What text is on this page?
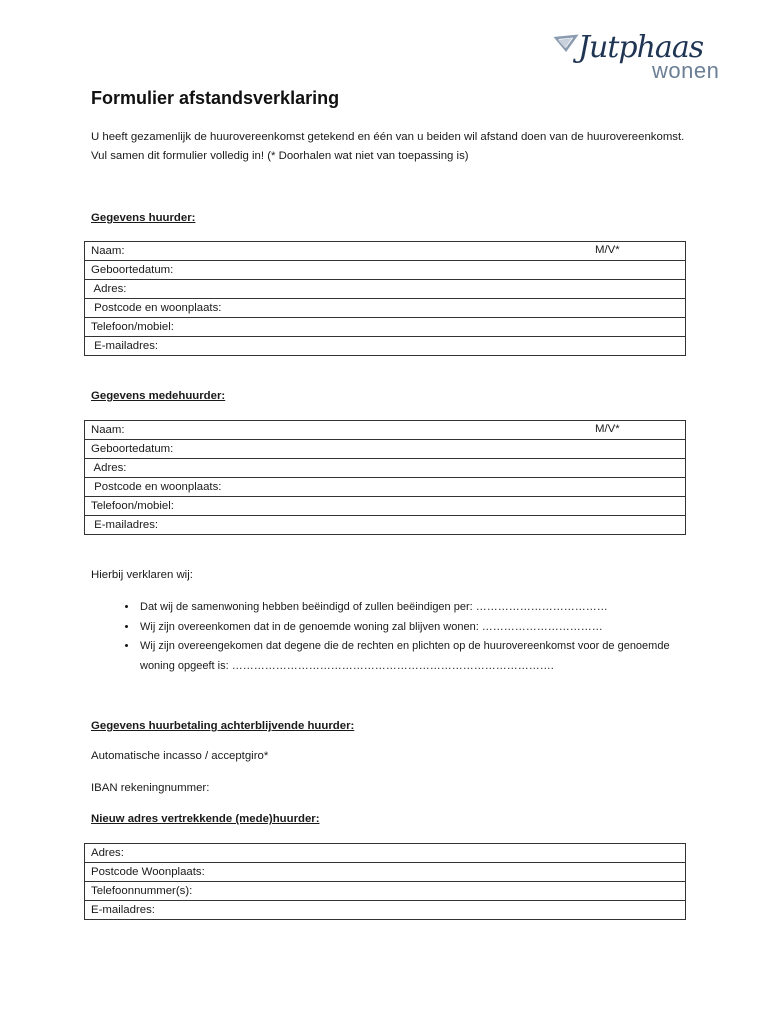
Jutphaas
wonen
Formulier afstandsverklaring

U heeft gezamenlijk de huurovereenkomst getekend en één van u beiden wil afstand doen van de huurovereenkomst. Vul samen dit formulier volledig in! (* Doorhalen wat niet van toepassing is)

Gegevens huurder:

Naam:	M/V*

Geboortedatum:
Adres:
Postcode en woonplaats:
Telefoon/mobiel:
E-mailadres:

Gegevens medehuurder:

Naam:	M/V*

Geboortedatum:
Adres:
Postcode en woonplaats:
Telefoon/mobiel:
E-mailadres:

Hierbij verklaren wij:

• Dat wij de samenwoning hebben beëindigd of zullen beëindigen per: ………………………………
• Wij zijn overeenkomen dat in de genoemde woning zal blijven wonen: ……………………………
• Wij zijn overeengekomen dat degene die de rechten en plichten op de huurovereenkomst voor de genoemde woning opgeeft is: …………………………………………………………………………….

Gegevens huurbetaling achterblijvende huurder:

Automatische incasso / acceptgiro*

IBAN rekeningnummer:

Nieuw adres vertrekkende (mede)huurder:

Adres:
Postcode Woonplaats:
Telefoonnummer(s):
E-mailadres:
